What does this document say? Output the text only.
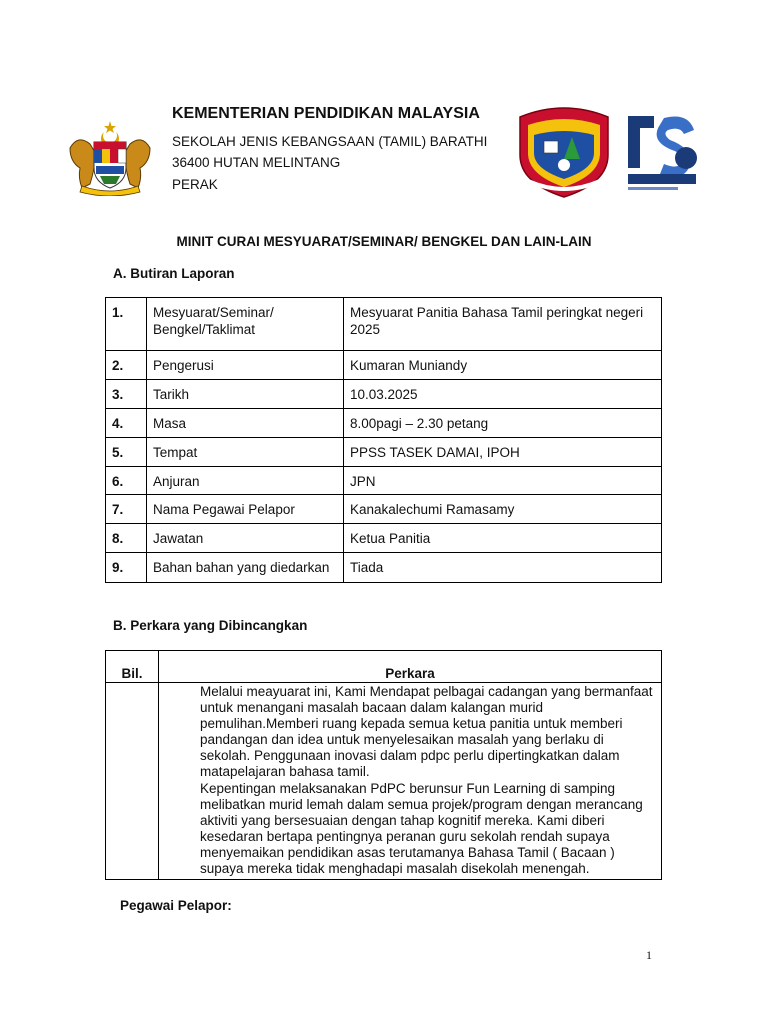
KEMENTERIAN PENDIDIKAN MALAYSIA
SEKOLAH JENIS KEBANGSAAN (TAMIL) BARATHI
36400 HUTAN MELINTANG
PERAK
MINIT CURAI MESYUARAT/SEMINAR/ BENGKEL DAN LAIN-LAIN
A. Butiran Laporan
1.	Mesyuarat/Seminar/ Bengkel/Taklimat	Mesyuarat Panitia Bahasa Tamil peringkat negeri 2025
2.	Pengerusi	Kumaran Muniandy
3.	Tarikh	10.03.2025
4.	Masa	8.00pagi – 2.30 petang
5.	Tempat	PPSS TASEK DAMAI, IPOH
6.	Anjuran	JPN
7.	Nama Pegawai Pelapor	Kanakalechumi Ramasamy
8.	Jawatan	Ketua Panitia
9.	Bahan bahan yang diedarkan	Tiada
B. Perkara yang Dibincangkan
Bil.	Perkara

	Melalui meayuarat ini, Kami Mendapat pelbagai cadangan yang bermanfaat untuk menangani masalah bacaan dalam kalangan murid pemulihan.Memberi ruang kepada semua ketua panitia untuk memberi pandangan dan idea untuk menyelesaikan masalah yang berlaku di sekolah. Penggunaan inovasi dalam pdpc perlu dipertingkatkan dalam matapelajaran bahasa tamil.
Kepentingan melaksanakan PdPC berunsur Fun Learning di samping melibatkan murid lemah dalam semua projek/program dengan merancang aktiviti yang bersesuaian dengan tahap kognitif mereka. Kami diberi kesedaran bertapa pentingnya peranan guru sekolah rendah supaya menyemaikan pendidikan asas terutamanya Bahasa Tamil ( Bacaan ) supaya mereka tidak menghadapi masalah disekolah menengah.
Pegawai Pelapor:
1
